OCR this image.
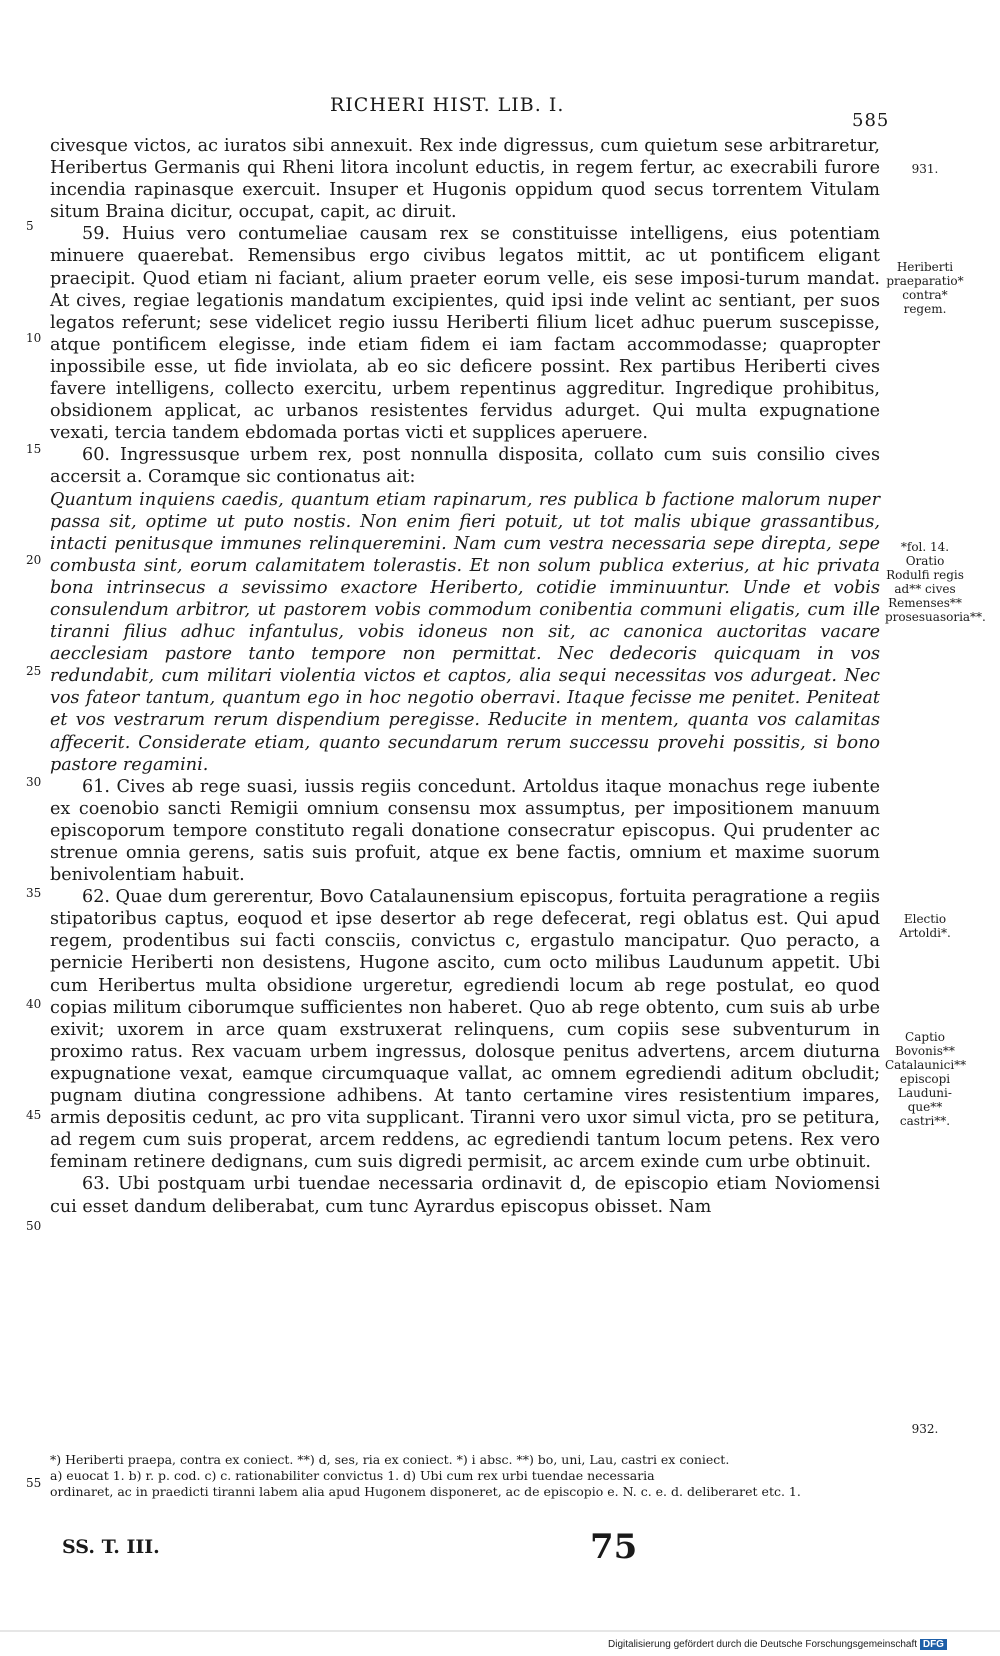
RICHERI HIST. LIB. I.
585

civesque victos, ac iuratos sibi annexuit. Rex inde digressus, cum quietum sese arbitraretur, Heribertus Germanis qui Rheni litora incolunt eductis, in regem fertur, ac execrabili furore incendia rapinasque exercuit. Insuper et Hugonis oppidum quod secus torrentem Vitulam situm Braina dicitur, occupat, capit, ac diruit.

59. Huius vero contumeliae causam rex se constituisse intelligens, eius potentiam minuere quaerebat. Remensibus ergo civibus legatos mittit, ac ut pontificem eligant praecipit. Quod etiam ni faciant, alium praeter eorum velle, eis sese imposi-turum mandat. At cives, regiae legationis mandatum excipientes, quid ipsi inde velint ac sentiant, per suos legatos referunt; sese videlicet regio iussu Heriberti filium licet adhuc puerum suscepisse, atque pontificem elegisse, inde etiam fidem ei iam factam accommodasse; quapropter inpossibile esse, ut fide inviolata, ab eo sic deficere possint. Rex partibus Heriberti cives favere intelligens, collecto exercitu, urbem repentinus aggreditur. Ingredique prohibitus, obsidionem applicat, ac urbanos resistentes fervidus adurget. Qui multa expugnatione vexati, tercia tandem ebdomada portas victi et supplices aperuere.

60. Ingressusque urbem rex, post nonnulla disposita, collato cum suis consilio cives accersit a. Coramque sic contionatus ait:

Quantum inquiens caedis, quantum etiam rapinarum, res publica b factione malorum nuper passa sit, optime ut puto nostis. Non enim fieri potuit, ut tot malis ubique grassantibus, intacti penitusque immunes relinqueremini. Nam cum vestra necessaria sepe direpta, sepe combusta sint, eorum calamitatem tolerastis. Et non solum publica exterius, at hic privata bona intrinsecus a sevissimo exactore Heriberto, cotidie imminuuntur. Unde et vobis consulendum arbitror, ut pastorem vobis commodum conibentia communi eligatis, cum ille tiranni filius adhuc infantulus, vobis idoneus non sit, ac canonica auctoritas vacare aecclesiam pastore tanto tempore non permittat. Nec dedecoris quicquam in vos redundabit, cum militari violentia victos et captos, alia sequi necessitas vos adurgeat. Nec vos fateor tantum, quantum ego in hoc negotio oberravi. Itaque fecisse me penitet. Peniteat et vos vestrarum rerum dispendium peregisse. Reducite in mentem, quanta vos calamitas affecerit. Considerate etiam, quanto secundarum rerum successu provehi possitis, si bono pastore regamini.

61. Cives ab rege suasi, iussis regiis concedunt. Artoldus itaque monachus rege iubente ex coenobio sancti Remigii omnium consensu mox assumptus, per impositionem manuum episcoporum tempore constituto regali donatione consecratur episcopus. Qui prudenter ac strenue omnia gerens, satis suis profuit, atque ex bene factis, omnium et maxime suorum benivolentiam habuit.

62. Quae dum gererentur, Bovo Catalaunensium episcopus, fortuita peragratione a regiis stipatoribus captus, eoquod et ipse desertor ab rege defecerat, regi oblatus est. Qui apud regem, prodentibus sui facti consciis, convictus c, ergastulo mancipatur. Quo peracto, a pernicie Heriberti non desistens, Hugone ascito, cum octo milibus Laudunum appetit. Ubi cum Heribertus multa obsidione urgeretur, egrediendi locum ab rege postulat, eo quod copias militum ciborumque sufficientes non haberet. Quo ab rege obtento, cum suis ab urbe exivit; uxorem in arce quam exstruxerat relinquens, cum copiis sese subventurum in proximo ratus. Rex vacuam urbem ingressus, dolosque penitus advertens, arcem diuturna expugnatione vexat, eamque circumquaque vallat, ac omnem egrediendi aditum obcludit; pugnam diutina congressione adhibens. At tanto certamine vires resistentium impares, armis depositis cedunt, ac pro vita supplicant. Tiranni vero uxor simul victa, pro se petitura, ad regem cum suis properat, arcem reddens, ac egrediendi tantum locum petens. Rex vero feminam retinere dedignans, cum suis digredi permisit, ac arcem exinde cum urbe obtinuit.

63. Ubi postquam urbi tuendae necessaria ordinavit d, de episcopio etiam Noviomensi cui esset dandum deliberabat, cum tunc Ayrardus episcopus obisset. Nam

5
10
15
20
25
30
35
40
45
50
55
931.
Heriberti praeparatio* contra* regem.
*fol. 14. Oratio Rodulfi regis ad** cives Remenses** prosesuasoria**.
Electio Artoldi*.
Captio Bovonis** Catalaunici** episcopi Lauduni-que** castri**.
932.

*) Heriberti praepa, contra ex coniect. **) d, ses, ria ex coniect. *) i absc. **) bo, uni, Lau, castri ex coniect.

a) euocat 1. b) r. p. cod. c) c. rationabiliter convictus 1. d) Ubi cum rex urbi tuendae necessaria

ordinaret, ac in praedicti tiranni labem alia apud Hugonem disponeret, ac de episcopio e. N. c. e. d. deliberaret etc. 1.

SS. T. III.	75
Digitalisierung gefördert durch die Deutsche Forschungsgemeinschaft DFG
